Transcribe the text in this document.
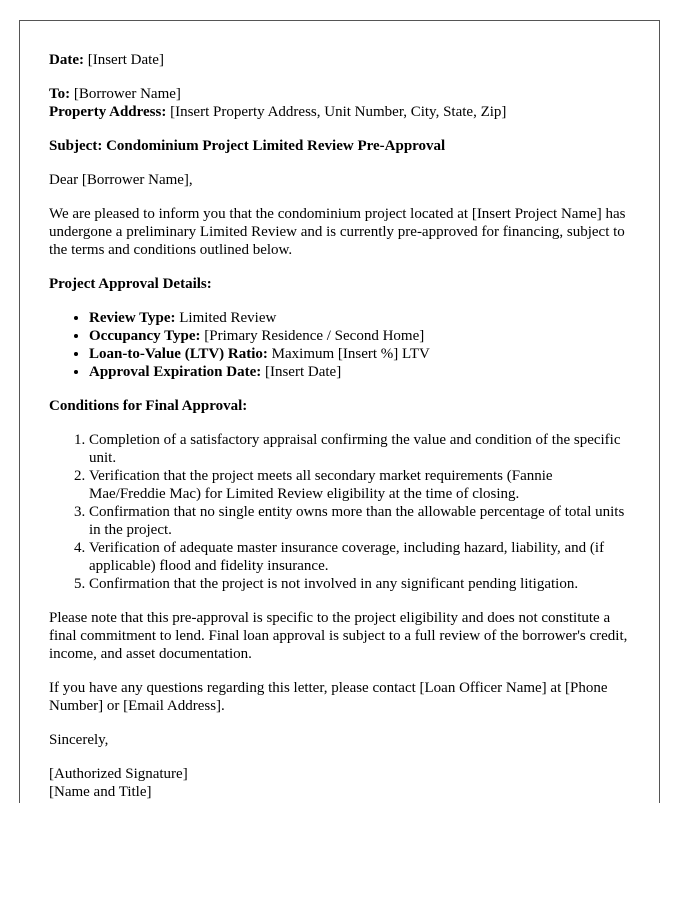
Date: [Insert Date]

To: [Borrower Name]

Property Address: [Insert Property Address, Unit Number, City, State, Zip]

Subject: Condominium Project Limited Review Pre-Approval

Dear [Borrower Name],

We are pleased to inform you that the condominium project located at [Insert Project Name] has undergone a preliminary Limited Review and is currently pre-approved for financing, subject to the terms and conditions outlined below.

Project Approval Details:

• Review Type: Limited Review
• Occupancy Type: [Primary Residence / Second Home]
• Loan-to-Value (LTV) Ratio: Maximum [Insert %] LTV
• Approval Expiration Date: [Insert Date]

Conditions for Final Approval:

1. Completion of a satisfactory appraisal confirming the value and condition of the specific unit.
2. Verification that the project meets all secondary market requirements (Fannie Mae/Freddie Mac) for Limited Review eligibility at the time of closing.
3. Confirmation that no single entity owns more than the allowable percentage of total units in the project.
4. Verification of adequate master insurance coverage, including hazard, liability, and (if applicable) flood and fidelity insurance.
5. Confirmation that the project is not involved in any significant pending litigation.

Please note that this pre-approval is specific to the project eligibility and does not constitute a final commitment to lend. Final loan approval is subject to a full review of the borrower's credit, income, and asset documentation.

If you have any questions regarding this letter, please contact [Loan Officer Name] at [Phone Number] or [Email Address].

Sincerely,

[Authorized Signature]

[Name and Title]
